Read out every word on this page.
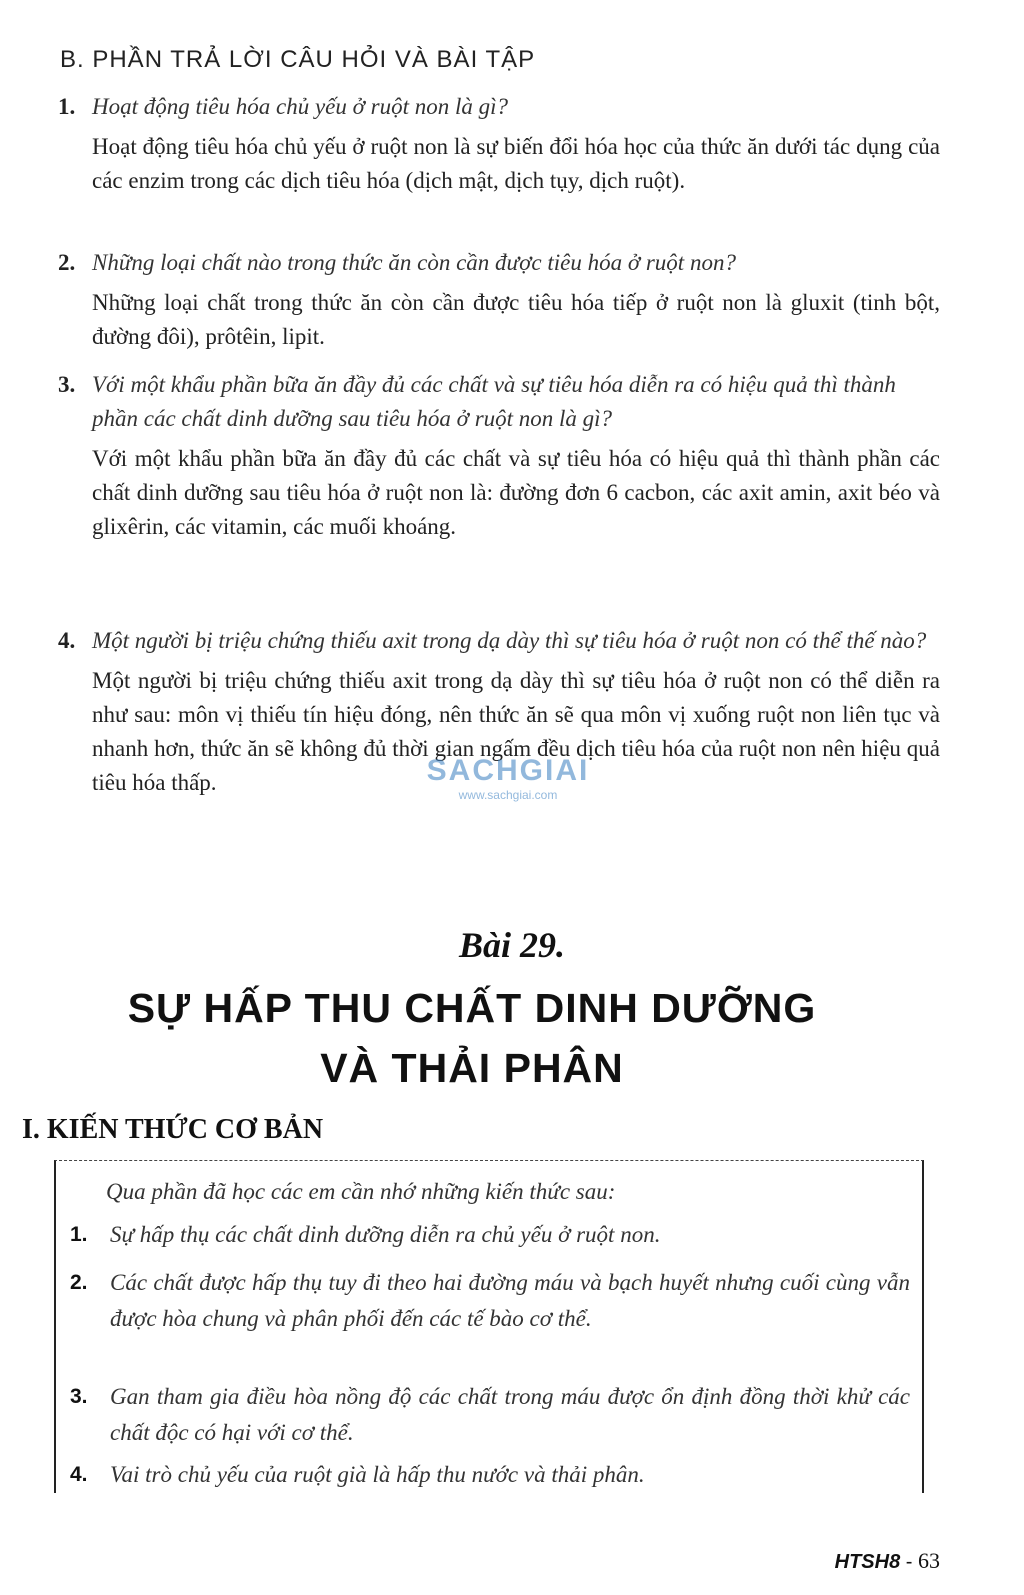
B. PHẦN TRẢ LỜI CÂU HỎI VÀ BÀI TẬP
1. Hoạt động tiêu hóa chủ yếu ở ruột non là gì?
Hoạt động tiêu hóa chủ yếu ở ruột non là sự biến đổi hóa học của thức ăn dưới tác dụng của các enzim trong các dịch tiêu hóa (dịch mật, dịch tụy, dịch ruột).
2. Những loại chất nào trong thức ăn còn cần được tiêu hóa ở ruột non?
Những loại chất trong thức ăn còn cần được tiêu hóa tiếp ở ruột non là gluxit (tinh bột, đường đôi), prôtêin, lipit.
3. Với một khẩu phần bữa ăn đầy đủ các chất và sự tiêu hóa diễn ra có hiệu quả thì thành phần các chất dinh dưỡng sau tiêu hóa ở ruột non là gì?
Với một khẩu phần bữa ăn đầy đủ các chất và sự tiêu hóa có hiệu quả thì thành phần các chất dinh dưỡng sau tiêu hóa ở ruột non là: đường đơn 6 cacbon, các axit amin, axit béo và glixêrin, các vitamin, các muối khoáng.
4. Một người bị triệu chứng thiếu axit trong dạ dày thì sự tiêu hóa ở ruột non có thể thế nào?
Một người bị triệu chứng thiếu axit trong dạ dày thì sự tiêu hóa ở ruột non có thể diễn ra như sau: môn vị thiếu tín hiệu đóng, nên thức ăn sẽ qua môn vị xuống ruột non liên tục và nhanh hơn, thức ăn sẽ không đủ thời gian ngấm đều dịch tiêu hóa của ruột non nên hiệu quả tiêu hóa thấp.	SACHGIAI
www.sachgiai.com
Bài 29.
SỰ HẤP THU CHẤT DINH DƯỠNG
VÀ THẢI PHÂN
I. KIẾN THỨC CƠ BẢN
Qua phần đã học các em cần nhớ những kiến thức sau:
1. Sự hấp thụ các chất dinh dưỡng diễn ra chủ yếu ở ruột non.
2. Các chất được hấp thụ tuy đi theo hai đường máu và bạch huyết nhưng cuối cùng vẫn được hòa chung và phân phối đến các tế bào cơ thể.
3. Gan tham gia điều hòa nồng độ các chất trong máu được ổn định đồng thời khử các chất độc có hại với cơ thể.
4. Vai trò chủ yếu của ruột già là hấp thu nước và thải phân.
HTSH8 - 63
